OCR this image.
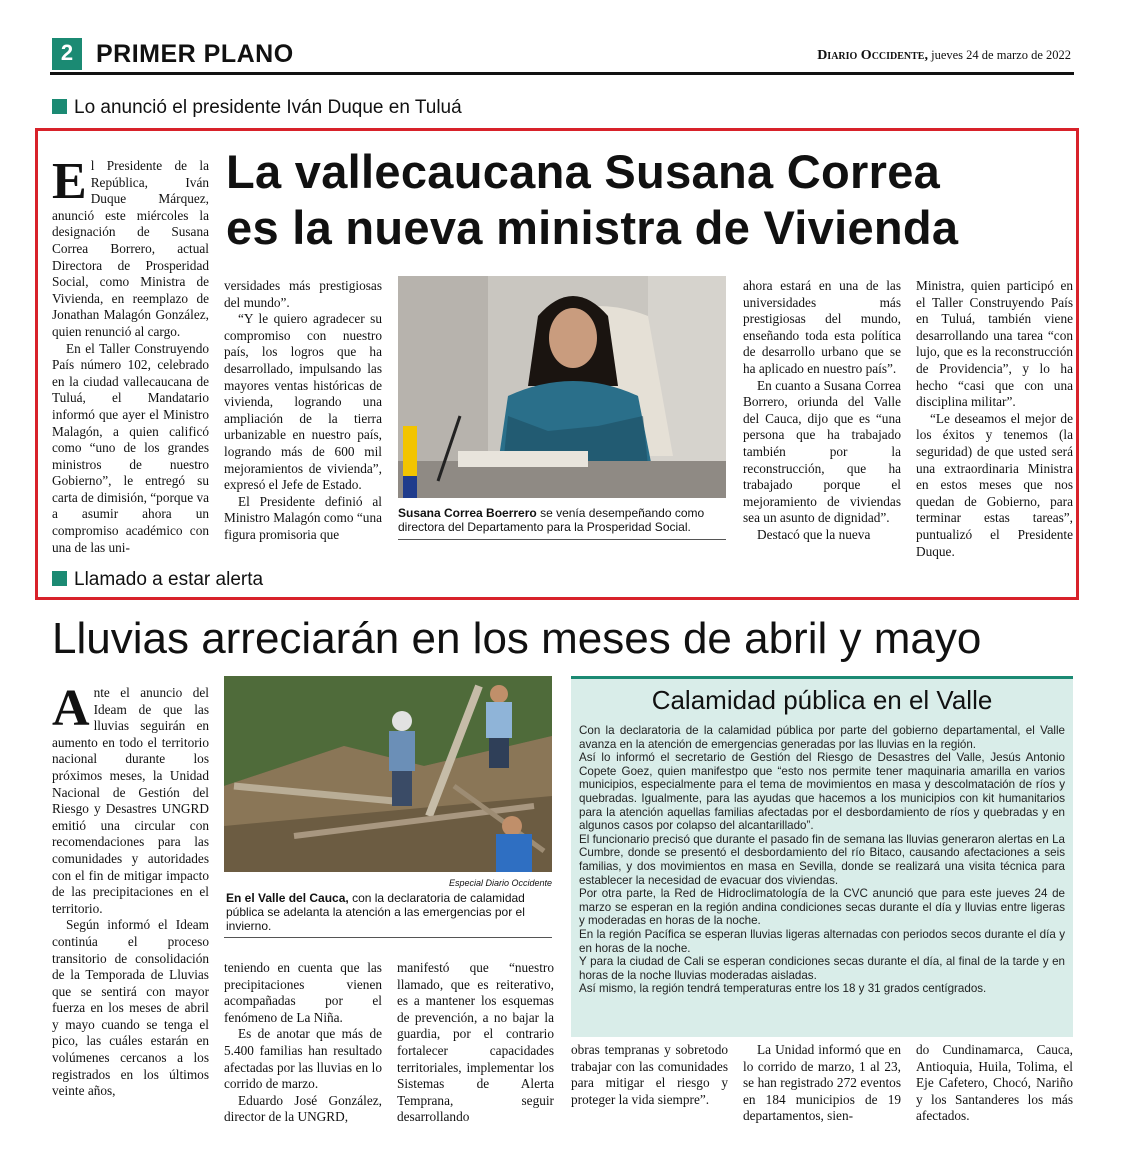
2 PRIMER PLANO	Diario Occidente, jueves 24 de marzo de 2022
Lo anunció el presidente Iván Duque en Tuluá
La vallecaucana Susana Correa
es la nueva ministra de Vivienda

El Presidente de la República, Iván Duque Márquez, anunció este miércoles la designación de Susana Correa Borrero, actual Directora de Prosperidad Social, como Ministra de Vivienda, en reemplazo de Jonathan Malagón González, quien renunció al cargo.

En el Taller Construyendo País número 102, celebrado en la ciudad vallecaucana de Tuluá, el Mandatario informó que ayer el Ministro Malagón, a quien calificó como “uno de los grandes ministros de nuestro Gobierno”, le entregó su carta de dimisión, “porque va a asumir ahora un compromiso académico con una de las uni-

versidades más prestigiosas del mundo”.

“Y le quiero agradecer su compromiso con nuestro país, los logros que ha desarrollado, impulsando las mayores ventas históricas de vivienda, logrando una ampliación de la tierra urbanizable en nuestro país, logrando más de 600 mil mejoramientos de vivienda”, expresó el Jefe de Estado.

El Presidente definió al Ministro Malagón como “una figura promisoria que

Susana Correa Boerrero se venía desempeñando como directora del Departamento para la Prosperidad Social.

ahora estará en una de las universidades más prestigiosas del mundo, enseñando toda esta política de desarrollo urbano que se ha aplicado en nuestro país”.

En cuanto a Susana Correa Borrero, oriunda del Valle del Cauca, dijo que es “una persona que ha trabajado también por la reconstrucción, que ha trabajado porque el mejoramiento de viviendas sea un asunto de dignidad”.

Destacó que la nueva

Ministra, quien participó en el Taller Construyendo País en Tuluá, también viene desarrollando una tarea “con lujo, que es la reconstrucción de Providencia”, y lo ha hecho “casi que con una disciplina militar”.

“Le deseamos el mejor de los éxitos y tenemos (la seguridad) de que usted será una extraordinaria Ministra en estos meses que nos quedan de Gobierno, para terminar estas tareas”, puntualizó el Presidente Duque.

Llamado a estar alerta
Lluvias arreciarán en los meses de abril y mayo

Ante el anuncio del Ideam de que las lluvias seguirán en aumento en todo el territorio nacional durante los próximos meses, la Unidad Nacional de Gestión del Riesgo y Desastres UNGRD emitió una circular con recomendaciones para las comunidades y autoridades con el fin de mitigar impacto de las precipitaciones en el territorio.

Según informó el Ideam continúa el proceso transitorio de consolidación de la Temporada de Lluvias que se sentirá con mayor fuerza en los meses de abril y mayo cuando se tenga el pico, las cuáles estarán en volúmenes cercanos a los registrados en los últimos veinte años,

Especial Diario Occidente
En el Valle del Cauca, con la declaratoria de calamidad pública se adelanta la atención a las emergencias por el invierno.

teniendo en cuenta que las precipitaciones vienen acompañadas por el fenómeno de La Niña.

Es de anotar que más de 5.400 familias han resultado afectadas por las lluvias en lo corrido de marzo.

Eduardo José González, director de la UNGRD,

manifestó que “nuestro llamado, que es reiterativo, es a mantener los esquemas de prevención, a no bajar la guardia, por el contrario fortalecer capacidades territoriales, implementar los Sistemas de Alerta Temprana, seguir desarrollando

Calamidad pública en el Valle

Con la declaratoria de la calamidad pública por parte del gobierno departamental, el Valle avanza en la atención de emergencias generadas por las lluvias en la región.

Así lo informó el secretario de Gestión del Riesgo de Desastres del Valle, Jesús Antonio Copete Goez, quien manifestpo que “esto nos permite tener maquinaria amarilla en varios municipios, especialmente para el tema de movimientos en masa y descolmatación de ríos y quebradas. Igualmente, para las ayudas que hacemos a los municipios con kit humanitarios para la atención aquellas familias afectadas por el desbordamiento de ríos y quebradas y en algunos casos por colapso del alcantarillado”.

El funcionario precisó que durante el pasado fin de semana las lluvias generaron alertas en La Cumbre, donde se presentó el desbordamiento del río Bitaco, causando afectaciones a seis familias, y dos movimientos en masa en Sevilla, donde se realizará una visita técnica para establecer la necesidad de evacuar dos viviendas.

Por otra parte, la Red de Hidroclimatología de la CVC anunció que para este jueves 24 de marzo se esperan en la región andina condiciones secas durante el día y lluvias entre ligeras y moderadas en horas de la noche.

En la región Pacífica se esperan lluvias ligeras alternadas con periodos secos durante el día y en horas de la noche.

Y para la ciudad de Cali se esperan condiciones secas durante el día, al final de la tarde y en horas de la noche lluvias moderadas aisladas.

Así mismo, la región tendrá temperaturas entre los 18 y 31 grados centígrados.

obras tempranas y sobretodo trabajar con las comunidades para mitigar el riesgo y proteger la vida siempre”.

La Unidad informó que en lo corrido de marzo, 1 al 23, se han registrado 272 eventos en 184 municipios de 19 departamentos, sien-

do Cundinamarca, Cauca, Antioquia, Huila, Tolima, el Eje Cafetero, Chocó, Nariño y los Santanderes los más afectados.
